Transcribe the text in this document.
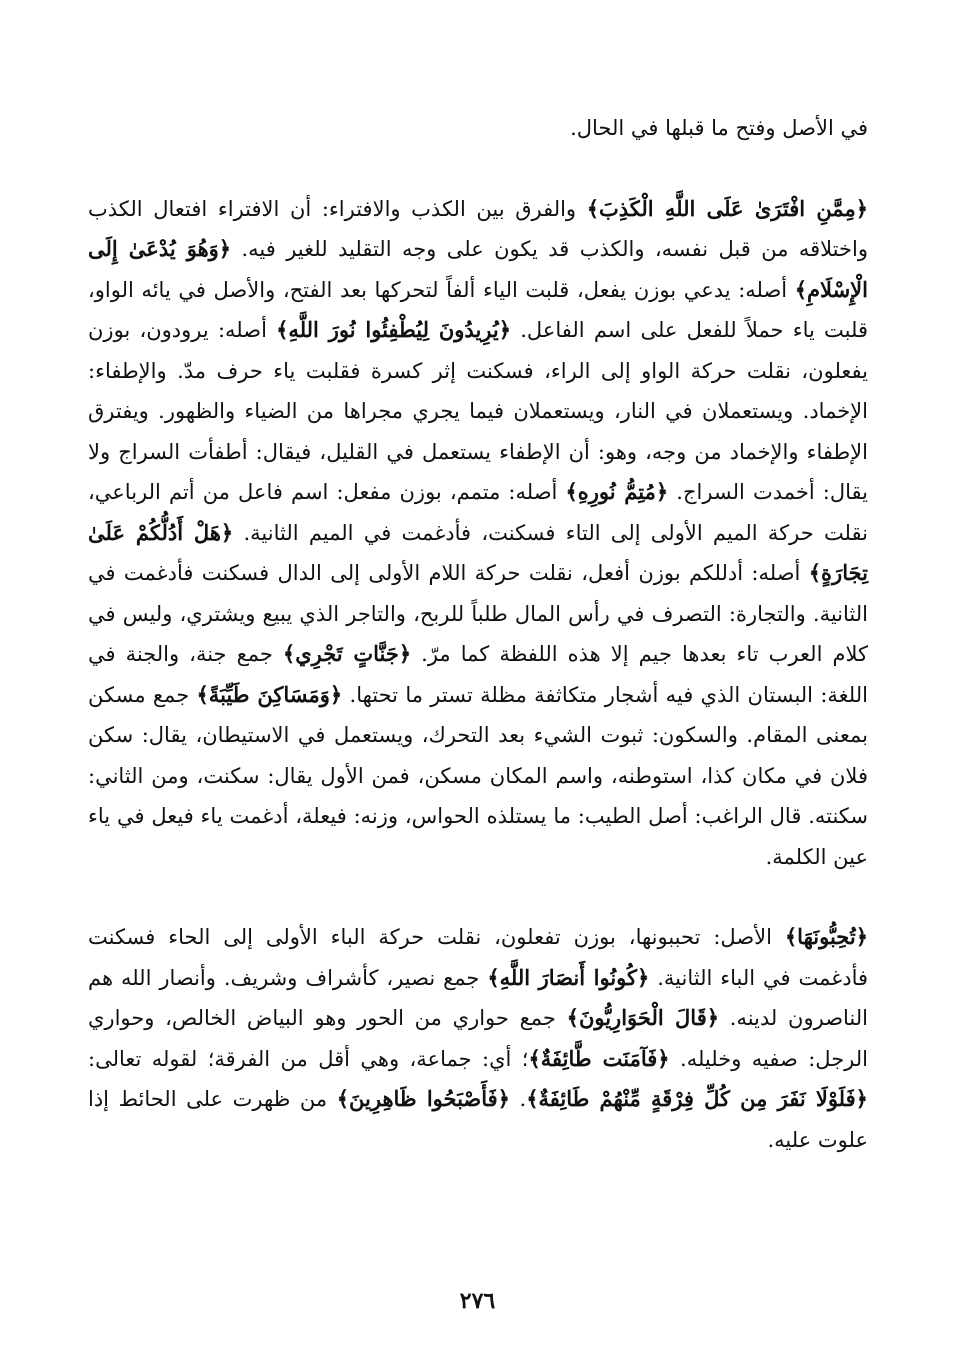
في الأصل وفتح ما قبلها في الحال.

﴿مِمَّنِ افْتَرَىٰ عَلَى اللَّهِ الْكَذِبَ﴾ والفرق بين الكذب والافتراء: أن الافتراء افتعال الكذب واختلاقه من قبل نفسه، والكذب قد يكون على وجه التقليد للغير فيه. ﴿وَهُوَ يُدْعَىٰ إِلَى الْإِسْلَامِ﴾ أصله: يدعي بوزن يفعل، قلبت الياء ألفاً لتحركها بعد الفتح، والأصل في يائه الواو، قلبت ياء حملاً للفعل على اسم الفاعل. ﴿يُرِيدُونَ لِيُطْفِئُوا نُورَ اللَّهِ﴾ أصله: يرودون، بوزن يفعلون، نقلت حركة الواو إلى الراء، فسكنت إثر كسرة فقلبت ياء حرف مدّ. والإطفاء: الإخماد. ويستعملان في النار، ويستعملان فيما يجري مجراها من الضياء والظهور. ويفترق الإطفاء والإخماد من وجه، وهو: أن الإطفاء يستعمل في القليل، فيقال: أطفأت السراج ولا يقال: أخمدت السراج. ﴿مُتِمُّ نُورِهِ﴾ أصله: متمم، بوزن مفعل: اسم فاعل من أتم الرباعي، نقلت حركة الميم الأولى إلى التاء فسكنت، فأدغمت في الميم الثانية. ﴿هَلْ أَدُلُّكُمْ عَلَىٰ تِجَارَةٍ﴾ أصله: أدللكم بوزن أفعل، نقلت حركة اللام الأولى إلى الدال فسكنت فأدغمت في الثانية. والتجارة: التصرف في رأس المال طلباً للربح، والتاجر الذي يبيع ويشتري، وليس في كلام العرب تاء بعدها جيم إلا هذه اللفظة كما مرّ. ﴿جَنَّاتٍ تَجْرِي﴾ جمع جنة، والجنة في اللغة: البستان الذي فيه أشجار متكاثفة مظلة تستر ما تحتها. ﴿وَمَسَاكِنَ طَيِّبَةً﴾ جمع مسكن بمعنى المقام. والسكون: ثبوت الشيء بعد التحرك، ويستعمل في الاستيطان، يقال: سكن فلان في مكان كذا، استوطنه، واسم المكان مسكن، فمن الأول يقال: سكنت، ومن الثاني: سكنته. قال الراغب: أصل الطيب: ما يستلذه الحواس، وزنه: فيعلة، أدغمت ياء فيعل في ياء عين الكلمة.

﴿تُحِبُّونَهَا﴾ الأصل: تحببونها، بوزن تفعلون، نقلت حركة الباء الأولى إلى الحاء فسكنت فأدغمت في الباء الثانية. ﴿كُونُوا أَنصَارَ اللَّهِ﴾ جمع نصير، كأشراف وشريف. وأنصار الله هم الناصرون لدينه. ﴿قَالَ الْحَوَارِيُّونَ﴾ جمع حواري من الحور وهو البياض الخالص، وحواري الرجل: صفيه وخليله. ﴿فَآمَنَت طَّائِفَةٌ﴾؛ أي: جماعة، وهي أقل من الفرقة؛ لقوله تعالى: ﴿فَلَوْلَا نَفَرَ مِن كُلِّ فِرْقَةٍ مِّنْهُمْ طَائِفَةٌ﴾. ﴿فَأَصْبَحُوا ظَاهِرِينَ﴾ من ظهرت على الحائط إذا علوت عليه.

٢٧٦
